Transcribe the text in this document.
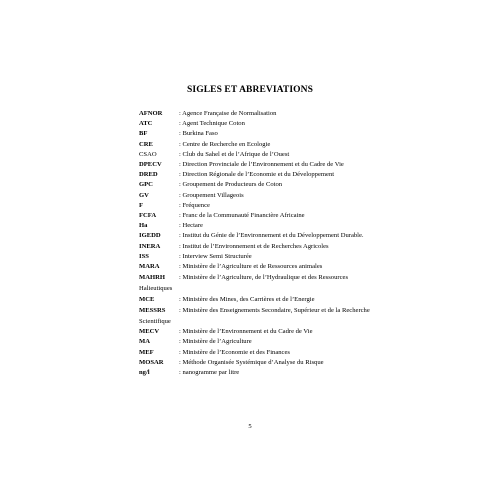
SIGLES ET ABREVIATIONS
AFNOR	: Agence Française de Normalisation
ATC	: Agent Technique Coton
BF	: Burkina Faso
CRE	: Centre de Recherche en Ecologie
CSAO	: Club du Sahel et de l’Afrique de l’Ouest
DPECV	: Direction Provinciale de l’Environnement et du Cadre de Vie
DRED	: Direction Régionale de l’Economie et du Développement
GPC	: Groupement de Producteurs de Coton
GV	: Groupement Villageois
F	: Fréquence
FCFA	: Franc de la Communauté Financière Africaine
Ha	: Hectare
IGEDD	: Institut du Génie de l’Environnement et du Développement Durable.
INERA	: Institut de l’Environnement et de Recherches Agricoles
ISS	: Interview Semi Structurée
MARA	: Ministère de l’Agriculture et de Ressources animales
MAHRH : Ministère de l’Agriculture, de l’Hydraulique et des Ressources Halieutiques
MCE	: Ministère des Mines, des Carrières et de l’Energie
MESSRS : Ministère des Enseignements Secondaire, Supérieur et de la Recherche Scientifique
MECV	: Ministère de l’Environnement et du Cadre de Vie
MA	: Ministère de l’Agriculture
MEF	: Ministère de l’Economie et des Finances
MOSAR : Méthode Organisée Systémique d’Analyse du Risque
ng/l	: nanogramme par litre
5
